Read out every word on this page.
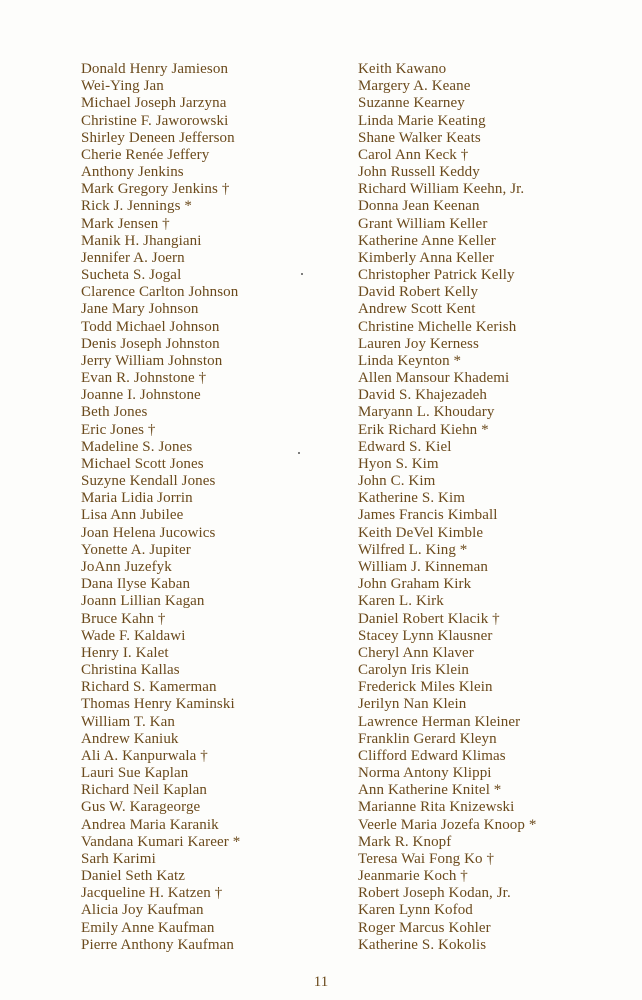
Donald Henry Jamieson
Wei-Ying Jan
Michael Joseph Jarzyna
Christine F. Jaworowski
Shirley Deneen Jefferson
Cherie Renée Jeffery
Anthony Jenkins
Mark Gregory Jenkins †
Rick J. Jennings *
Mark Jensen †
Manik H. Jhangiani
Jennifer A. Joern
Sucheta S. Jogal
Clarence Carlton Johnson
Jane Mary Johnson
Todd Michael Johnson
Denis Joseph Johnston
Jerry William Johnston
Evan R. Johnstone †
Joanne I. Johnstone
Beth Jones
Eric Jones †
Madeline S. Jones
Michael Scott Jones
Suzyne Kendall Jones
Maria Lidia Jorrin
Lisa Ann Jubilee
Joan Helena Jucowics
Yonette A. Jupiter
JoAnn Juzefyk
Dana Ilyse Kaban
Joann Lillian Kagan
Bruce Kahn †
Wade F. Kaldawi
Henry I. Kalet
Christina Kallas
Richard S. Kamerman
Thomas Henry Kaminski
William T. Kan
Andrew Kaniuk
Ali A. Kanpurwala †
Lauri Sue Kaplan
Richard Neil Kaplan
Gus W. Karageorge
Andrea Maria Karanik
Vandana Kumari Kareer *
Sarh Karimi
Daniel Seth Katz
Jacqueline H. Katzen †
Alicia Joy Kaufman
Emily Anne Kaufman
Pierre Anthony Kaufman
Keith Kawano
Margery A. Keane
Suzanne Kearney
Linda Marie Keating
Shane Walker Keats
Carol Ann Keck †
John Russell Keddy
Richard William Keehn, Jr.
Donna Jean Keenan
Grant William Keller
Katherine Anne Keller
Kimberly Anna Keller
Christopher Patrick Kelly
David Robert Kelly
Andrew Scott Kent
Christine Michelle Kerish
Lauren Joy Kerness
Linda Keynton *
Allen Mansour Khademi
David S. Khajezadeh
Maryann L. Khoudary
Erik Richard Kiehn *
Edward S. Kiel
Hyon S. Kim
John C. Kim
Katherine S. Kim
James Francis Kimball
Keith DeVel Kimble
Wilfred L. King *
William J. Kinneman
John Graham Kirk
Karen L. Kirk
Daniel Robert Klacik †
Stacey Lynn Klausner
Cheryl Ann Klaver
Carolyn Iris Klein
Frederick Miles Klein
Jerilyn Nan Klein
Lawrence Herman Kleiner
Franklin Gerard Kleyn
Clifford Edward Klimas
Norma Antony Klippi
Ann Katherine Knitel *
Marianne Rita Knizewski
Veerle Maria Jozefa Knoop *
Mark R. Knopf
Teresa Wai Fong Ko †
Jeanmarie Koch †
Robert Joseph Kodan, Jr.
Karen Lynn Kofod
Roger Marcus Kohler
Katherine S. Kokolis
11
